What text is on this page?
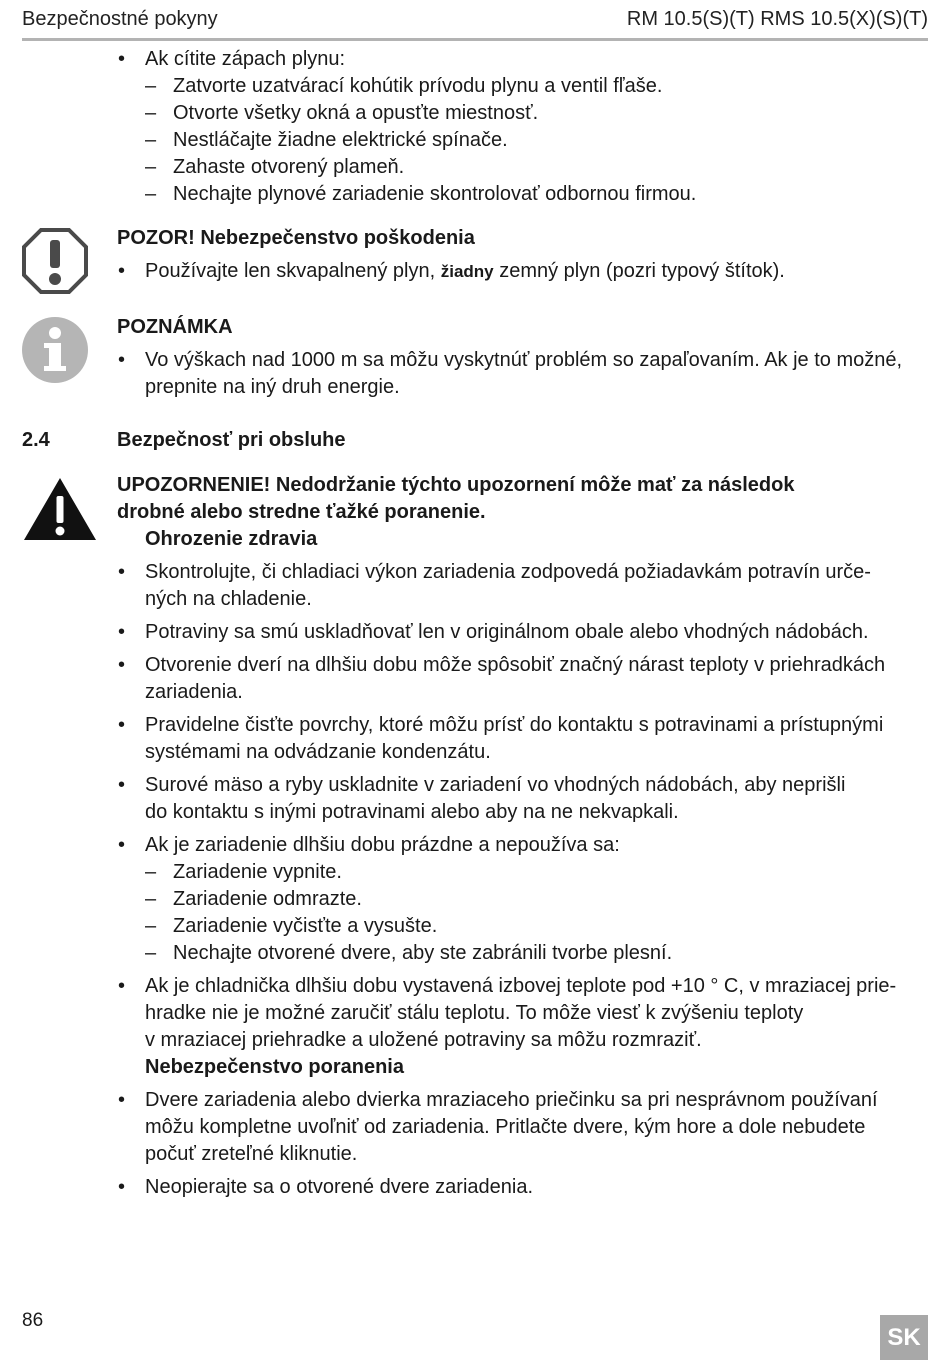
Bezpečnostné pokyny	RM 10.5(S)(T) RMS 10.5(X)(S)(T)
• Ak cítite zápach plynu:
– Zatvorte uzatvárací kohútik prívodu plynu a ventil fľaše.
– Otvorte všetky okná a opusťte miestnosť.
– Nestláčajte žiadne elektrické spínače.
– Zahaste otvorený plameň.
– Nechajte plynové zariadenie skontrolovať odbornou firmou.
POZOR! Nebezpečenstvo poškodenia
• Používajte len skvapalnený plyn, žiadny zemný plyn (pozri typový štítok).
POZNÁMKA
• Vo výškach nad 1000 m sa môžu vyskytnúť problém so zapaľovaním. Ak je to možné,
prepnite na iný druh energie.
2.4	Bezpečnosť pri obsluhe
UPOZORNENIE! Nedodržanie týchto upozornení môže mať za následok
drobné alebo stredne ťažké poranenie.
Ohrozenie zdravia
• Skontrolujte, či chladiaci výkon zariadenia zodpovedá požiadavkám potravín urče-
ných na chladenie.
• Potraviny sa smú uskladňovať len v originálnom obale alebo vhodných nádobách.
• Otvorenie dverí na dlhšiu dobu môže spôsobiť značný nárast teploty v priehradkách
zariadenia.
• Pravidelne čisťte povrchy, ktoré môžu prísť do kontaktu s potravinami a prístupnými
systémami na odvádzanie kondenzátu.
• Surové mäso a ryby uskladnite v zariadení vo vhodných nádobách, aby neprišli
do kontaktu s inými potravinami alebo aby na ne nekvapkali.
• Ak je zariadenie dlhšiu dobu prázdne a nepoužíva sa:
– Zariadenie vypnite.
– Zariadenie odmrazte.
– Zariadenie vyčisťte a vysušte.
– Nechajte otvorené dvere, aby ste zabránili tvorbe plesní.
• Ak je chladnička dlhšiu dobu vystavená izbovej teplote pod +10 ° C, v mraziacej prie-
hradke nie je možné zaručiť stálu teplotu. To môže viesť k zvýšeniu teploty
v mraziacej priehradke a uložené potraviny sa môžu rozmraziť.
Nebezpečenstvo poranenia
• Dvere zariadenia alebo dvierka mraziaceho priečinku sa pri nesprávnom používaní
môžu kompletne uvoľniť od zariadenia. Pritlačte dvere, kým hore a dole nebudete
počuť zreteľné kliknutie.
• Neopierajte sa o otvorené dvere zariadenia.
86
SK
